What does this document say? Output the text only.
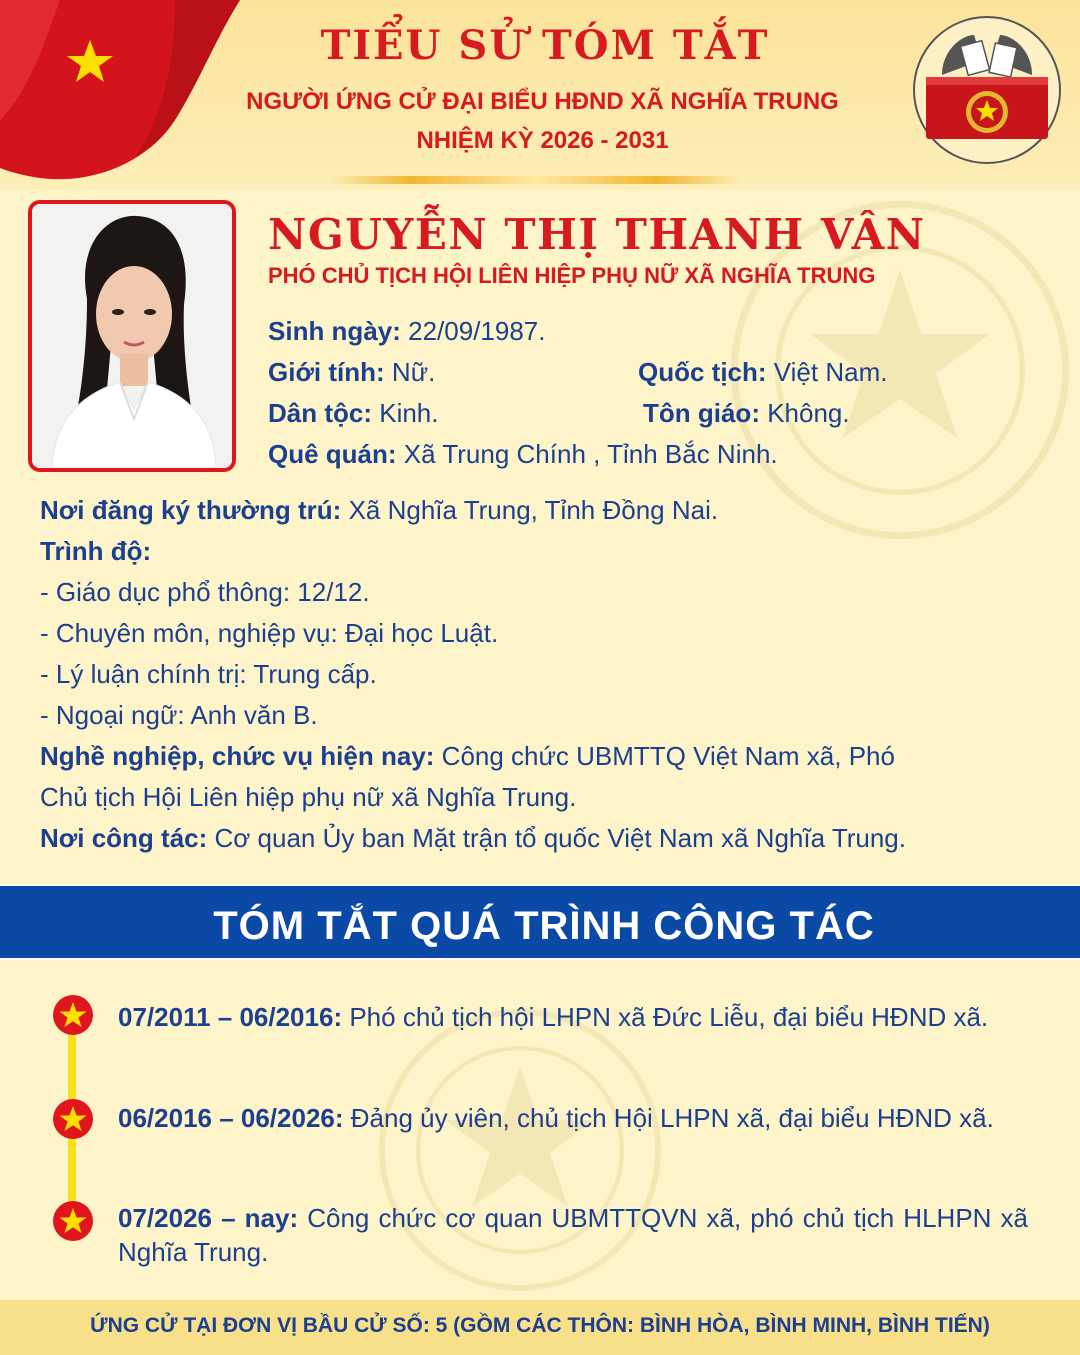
TIỂU SỬ TÓM TẮT
NGƯỜI ỨNG CỬ ĐẠI BIỂU HĐND XÃ NGHĨA TRUNG
NHIỆM KỲ 2026 - 2031
NGUYỄN THỊ THANH VÂN
PHÓ CHỦ TỊCH HỘI LIÊN HIỆP PHỤ NỮ XÃ NGHĨA TRUNG
Sinh ngày: 22/09/1987.
Giới tính: Nữ.	Quốc tịch: Việt Nam.
Dân tộc: Kinh.	Tôn giáo: Không.
Quê quán: Xã Trung Chính , Tỉnh Bắc Ninh.
Nơi đăng ký thường trú: Xã Nghĩa Trung, Tỉnh Đồng Nai.
Trình độ:
- Giáo dục phổ thông: 12/12.
- Chuyên môn, nghiệp vụ: Đại học Luật.
- Lý luận chính trị: Trung cấp.
- Ngoại ngữ: Anh văn B.
Nghề nghiệp, chức vụ hiện nay: Công chức UBMTTQ Việt Nam xã, Phó
Chủ tịch Hội Liên hiệp phụ nữ xã Nghĩa Trung.
Nơi công tác: Cơ quan Ủy ban Mặt trận tổ quốc Việt Nam xã Nghĩa Trung.
TÓM TẮT QUÁ TRÌNH CÔNG TÁC
07/2011 – 06/2016: Phó chủ tịch hội LHPN xã Đức Liễu, đại biểu HĐND xã.
06/2016 – 06/2026: Đảng ủy viên, chủ tịch Hội LHPN xã, đại biểu HĐND xã.
07/2026 – nay: Công chức cơ quan UBMTTQVN xã, phó chủ tịch HLHPN xã Nghĩa Trung.
ỨNG CỬ TẠI ĐƠN VỊ BẦU CỬ SỐ: 5 (GỒM CÁC THÔN: BÌNH HÒA, BÌNH MINH, BÌNH TIẾN)
